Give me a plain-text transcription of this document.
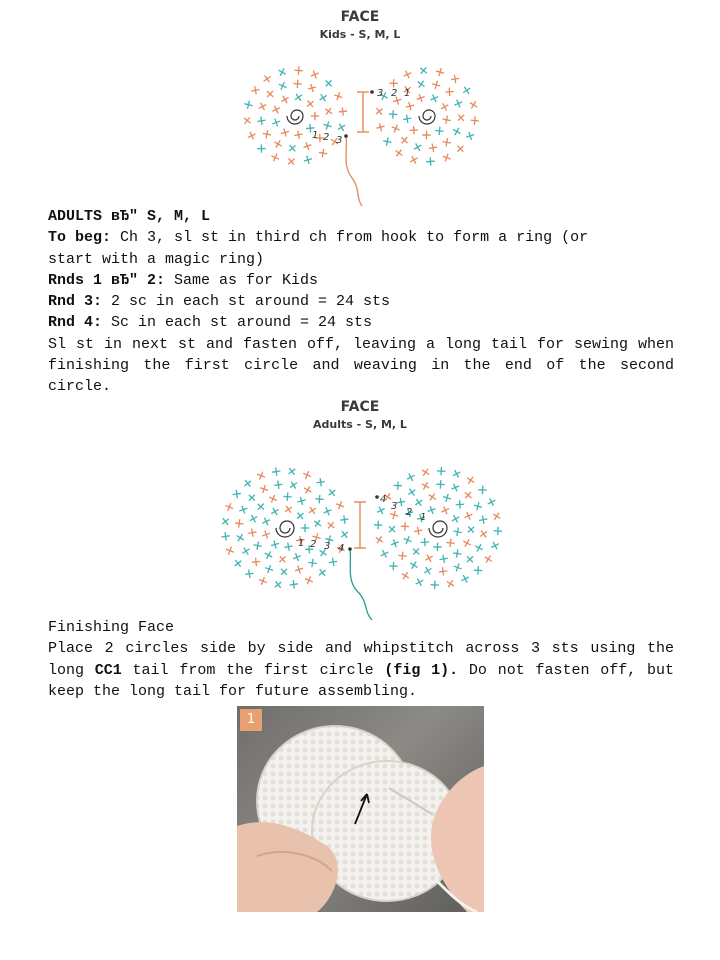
FACE
Kids - S, M, L
1 2 3
3 2 1
ADULTS вЂ" S, M, L
To beg: Ch 3, sl st in third ch from hook to form a ring (or
start with a magic ring)
Rnds 1 вЂ" 2: Same as for Kids
Rnd 3: 2 sc in each st around = 24 sts
Rnd 4: Sc in each st around = 24 sts
Sl st in next st and fasten off, leaving a long tail for sewing when finishing the first circle and weaving in the end of the second circle.
FACE
Adults - S, M, L
1 2 3 4
4
3
2 1
Finishing Face
Place 2 circles side by side and whipstitch across 3 sts using the long CC1 tail from the first circle (fig 1). Do not fasten off, but keep the long tail for future assembling.
1
